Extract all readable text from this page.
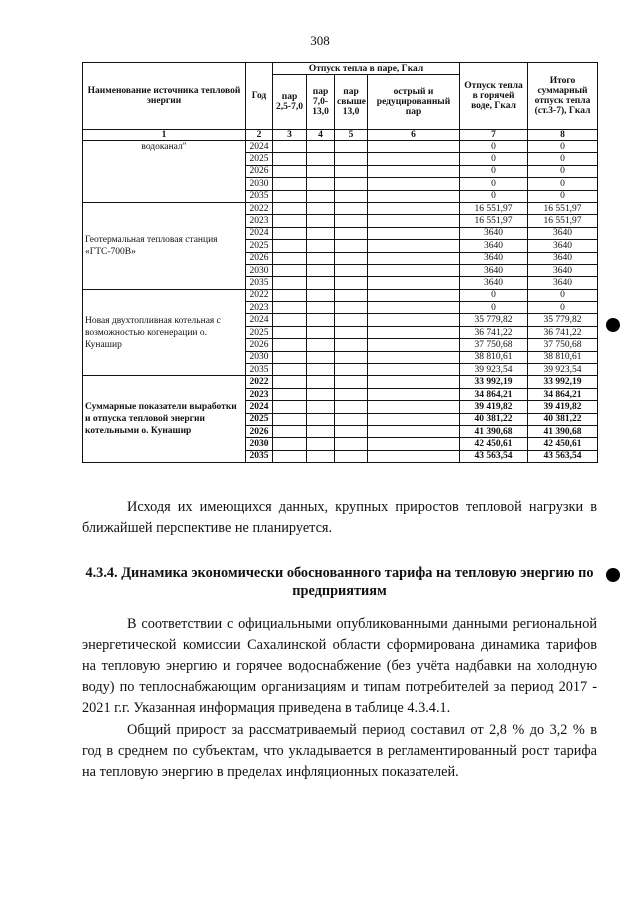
308
Наименование источника тепловой энергии	Год	Отпуск тепла в паре, Гкал				Отпуск тепла в горячей воде, Гкал	Итого суммарный отпуск тепла (ст.3-7), Гкал
		пар 2,5-7,0	пар 7,0-13,0	пар свыше 13,0	острый и редуцированный пар		
1	2	3	4	5	6	7	8
водоканал"	2024					0	0
	2025					0	0
	2026					0	0
	2030					0	0
	2035					0	0
Геотермальная тепловая станция «ГТС-700В»	2022					16 551,97	16 551,97
	2023					16 551,97	16 551,97
	2024					3640	3640
	2025					3640	3640
	2026					3640	3640
	2030					3640	3640
	2035					3640	3640
Новая двухтопливная котельная с возможностью когенерации о. Кунашир	2022					0	0
	2023					0	0
	2024					35 779,82	35 779,82
	2025					36 741,22	36 741,22
	2026					37 750,68	37 750,68
	2030					38 810,61	38 810,61
	2035					39 923,54	39 923,54
Суммарные показатели выработки и отпуска тепловой энергии котельными о. Кунашир	2022					33 992,19	33 992,19
	2023					34 864,21	34 864,21
	2024					39 419,82	39 419,82
	2025					40 381,22	40 381,22
	2026					41 390,68	41 390,68
	2030					42 450,61	42 450,61
	2035					43 563,54	43 563,54
Исходя их имеющихся данных, крупных приростов тепловой нагрузки в ближайшей перспективе не планируется.
4.3.4. Динамика экономически обоснованного тарифа на тепловую энергию по предприятиям
В соответствии с официальными опубликованными данными региональной энергетической комиссии Сахалинской области сформирована динамика тарифов на тепловую энергию и горячее водоснабжение (без учёта надбавки на холодную воду) по теплоснабжающим организациям и типам потребителей за период 2017 - 2021 г.г. Указанная информация приведена в таблице 4.3.4.1.
Общий прирост за рассматриваемый период составил от 2,8 % до 3,2 % в год в среднем по субъектам, что укладывается в регламентированный рост тарифа на тепловую энергию в пределах инфляционных показателей.
